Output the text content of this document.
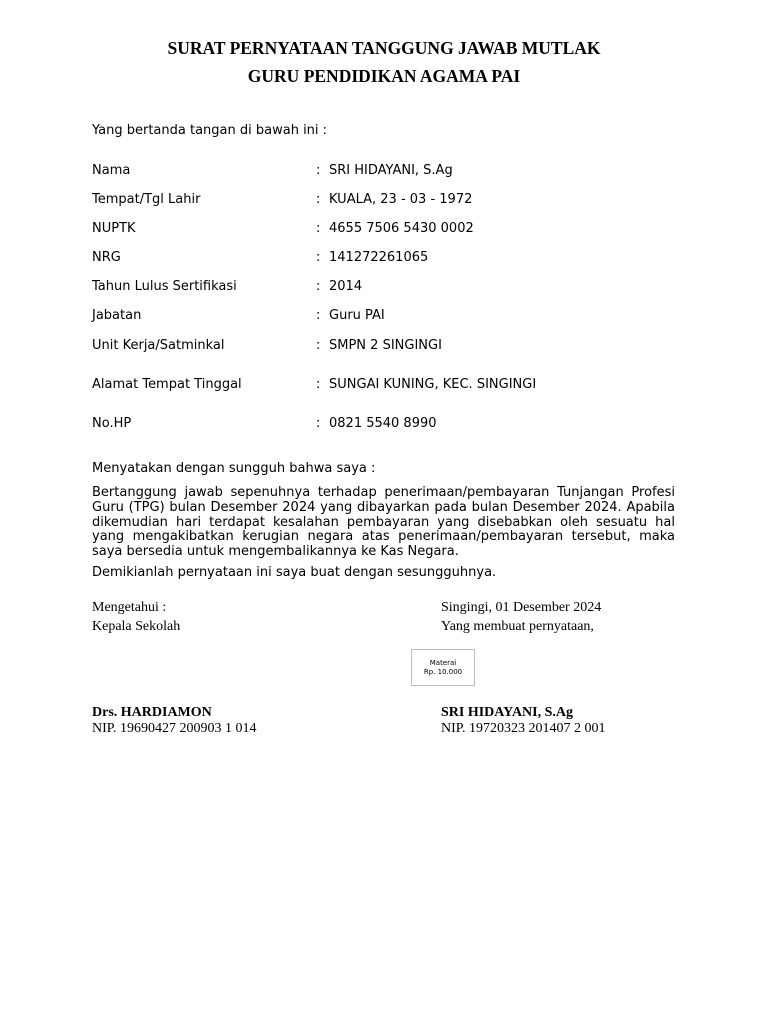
SURAT PERNYATAAN TANGGUNG JAWAB MUTLAK
GURU PENDIDIKAN AGAMA PAI

Yang bertanda tangan di bawah ini :

Nama	: SRI HIDAYANI, S.Ag
Tempat/Tgl Lahir	: KUALA, 23 - 03 - 1972
NUPTK	: 4655 7506 5430 0002
NRG	: 141272261065
Tahun Lulus Sertifikasi	: 2014
Jabatan	: Guru PAI
Unit Kerja/Satminkal	: SMPN 2 SINGINGI
Alamat Tempat Tinggal	: SUNGAI KUNING, KEC. SINGINGI
No.HP	: 0821 5540 8990

Menyatakan dengan sungguh bahwa saya :

Bertanggung jawab sepenuhnya terhadap penerimaan/pembayaran Tunjangan Profesi Guru (TPG) bulan Desember 2024 yang dibayarkan pada bulan Desember 2024. Apabila dikemudian hari terdapat kesalahan pembayaran yang disebabkan oleh sesuatu hal yang mengakibatkan kerugian negara atas penerimaan/pembayaran tersebut, maka saya bersedia untuk mengembalikannya ke Kas Negara.

Demikianlah pernyataan ini saya buat dengan sesungguhnya.

Mengetahui :

Kepala Sekolah

Drs. HARDIAMON

NIP. 19690427 200903 1 014

Singingi, 01 Desember 2024

Yang membuat pernyataan,

SRI HIDAYANI, S.Ag

NIP. 19720323 201407 2 001

Materai
Rp. 10.000
